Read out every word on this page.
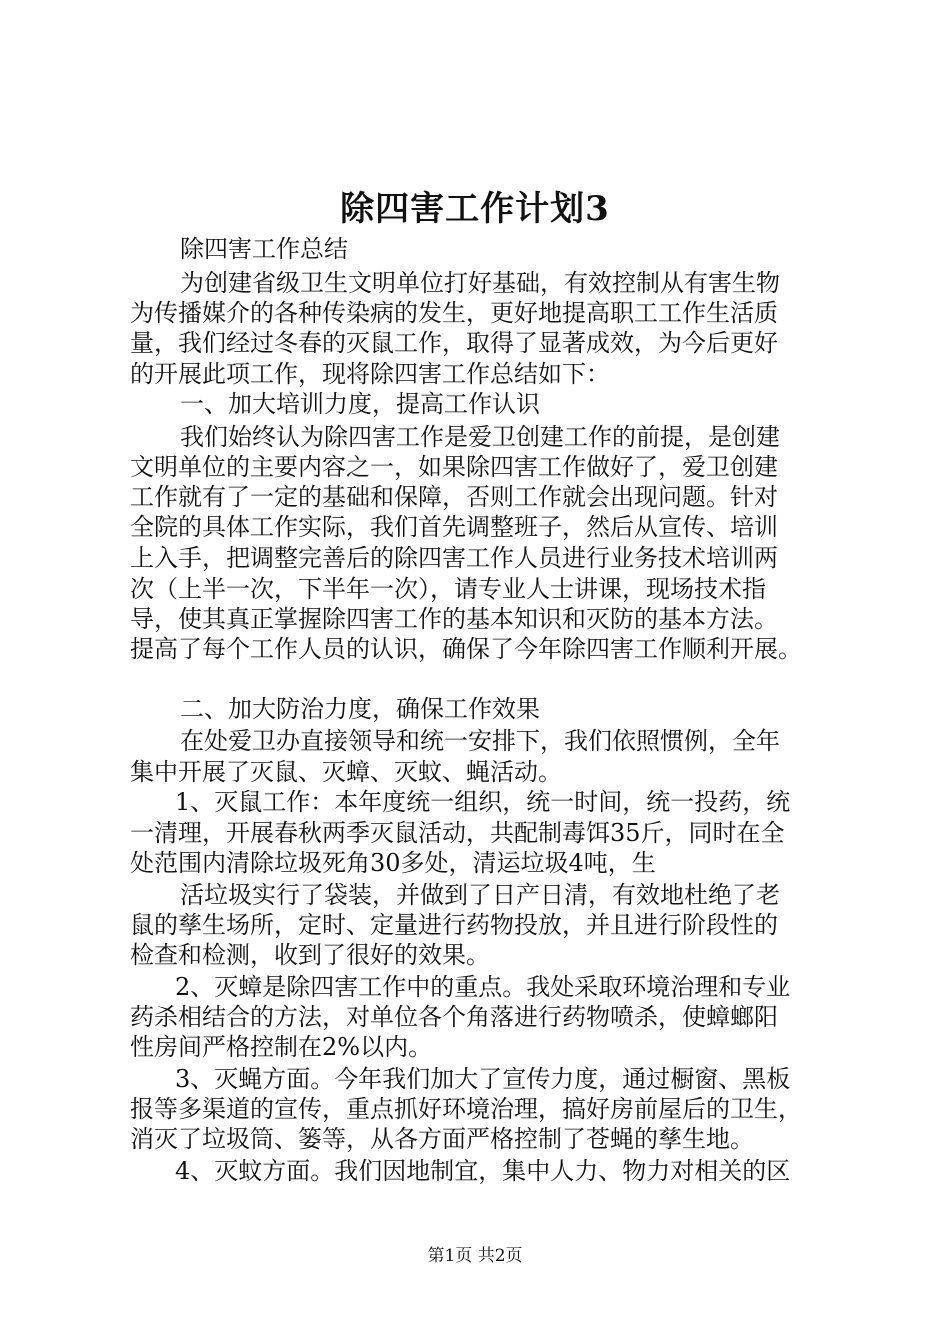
除四害工作计划3
除四害工作总结
为创建省级卫生文明单位打好基础，有效控制从有害生物
为传播媒介的各种传染病的发生，更好地提高职工工作生活质
量，我们经过冬春的灭鼠工作，取得了显著成效，为今后更好
的开展此项工作，现将除四害工作总结如下：
一、加大培训力度，提高工作认识
我们始终认为除四害工作是爱卫创建工作的前提，是创建
文明单位的主要内容之一，如果除四害工作做好了，爱卫创建
工作就有了一定的基础和保障，否则工作就会出现问题。针对
全院的具体工作实际，我们首先调整班子，然后从宣传、培训
上入手，把调整完善后的除四害工作人员进行业务技术培训两
次（上半一次，下半年一次），请专业人士讲课，现场技术指
导，使其真正掌握除四害工作的基本知识和灭防的基本方法。
提高了每个工作人员的认识，确保了今年除四害工作顺利开展。
二、加大防治力度，确保工作效果
在处爱卫办直接领导和统一安排下，我们依照惯例，全年
集中开展了灭鼠、灭蟑、灭蚊、蝇活动。
1、灭鼠工作：本年度统一组织，统一时间，统一投药，统
一清理，开展春秋两季灭鼠活动，共配制毒饵35斤，同时在全
处范围内清除垃圾死角30多处，清运垃圾4吨，生
活垃圾实行了袋装，并做到了日产日清，有效地杜绝了老
鼠的孳生场所，定时、定量进行药物投放，并且进行阶段性的
检查和检测，收到了很好的效果。
2、灭蟑是除四害工作中的重点。我处采取环境治理和专业
药杀相结合的方法，对单位各个角落进行药物喷杀，使蟑螂阳
性房间严格控制在2%以内。
3、灭蝇方面。今年我们加大了宣传力度，通过橱窗、黑板
报等多渠道的宣传，重点抓好环境治理，搞好房前屋后的卫生，
消灭了垃圾筒、篓等，从各方面严格控制了苍蝇的孳生地。
4、灭蚊方面。我们因地制宜，集中人力、物力对相关的区
第1页 共2页
